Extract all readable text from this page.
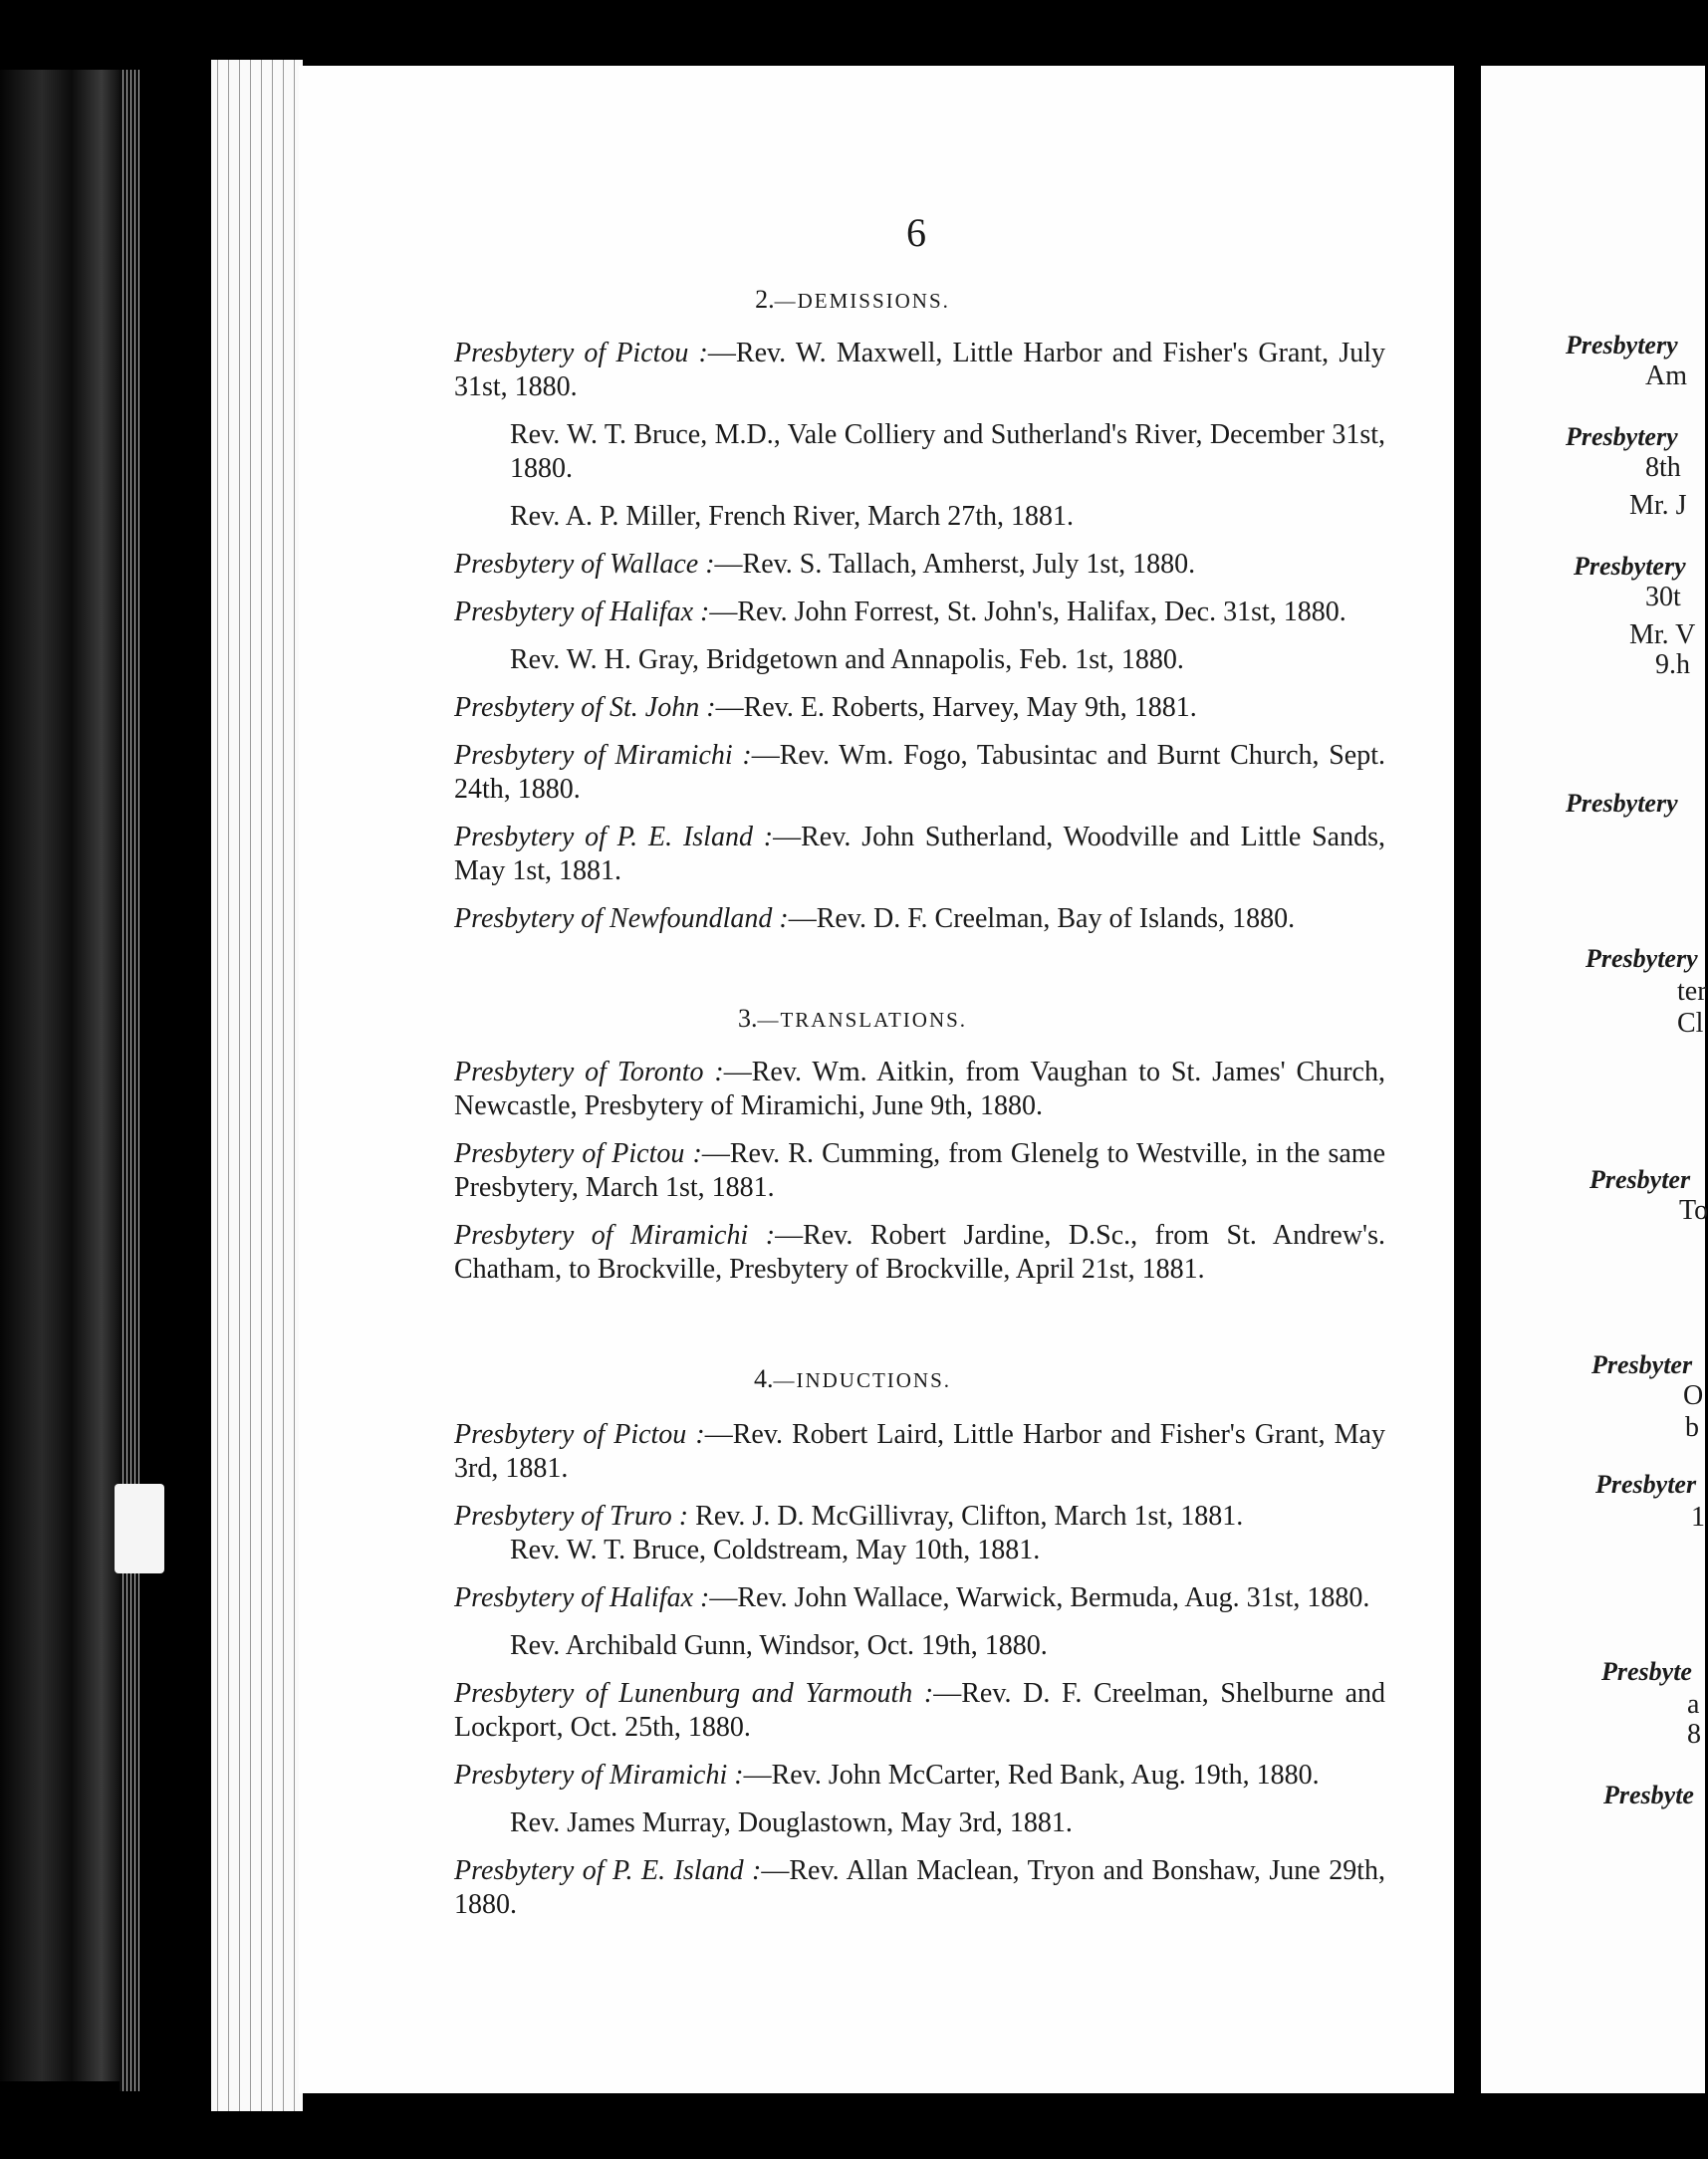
6
2.—DEMISSIONS.

Presbytery of Pictou :—Rev. W. Maxwell, Little Harbor and Fisher's Grant, July 31st, 1880.

Rev. W. T. Bruce, M.D., Vale Colliery and Sutherland's River, December 31st, 1880.

Rev. A. P. Miller, French River, March 27th, 1881.

Presbytery of Wallace :—Rev. S. Tallach, Amherst, July 1st, 1880.

Presbytery of Halifax :—Rev. John Forrest, St. John's, Halifax, Dec. 31st, 1880.

Rev. W. H. Gray, Bridgetown and Annapolis, Feb. 1st, 1880.

Presbytery of St. John :—Rev. E. Roberts, Harvey, May 9th, 1881.

Presbytery of Miramichi :—Rev. Wm. Fogo, Tabusintac and Burnt Church, Sept. 24th, 1880.

Presbytery of P. E. Island :—Rev. John Sutherland, Woodville and Little Sands, May 1st, 1881.

Presbytery of Newfoundland :—Rev. D. F. Creelman, Bay of Islands, 1880.

3.—TRANSLATIONS.

Presbytery of Toronto :—Rev. Wm. Aitkin, from Vaughan to St. James' Church, Newcastle, Presbytery of Miramichi, June 9th, 1880.

Presbytery of Pictou :—Rev. R. Cumming, from Glenelg to Westville, in the same Presbytery, March 1st, 1881.

Presbytery of Miramichi :—Rev. Robert Jardine, D.Sc., from St. Andrew's. Chatham, to Brockville, Presbytery of Brockville, April 21st, 1881.

4.—INDUCTIONS.

Presbytery of Pictou :—Rev. Robert Laird, Little Harbor and Fisher's Grant, May 3rd, 1881.

Presbytery of Truro : Rev. J. D. McGillivray, Clifton, March 1st, 1881.

Rev. W. T. Bruce, Coldstream, May 10th, 1881.

Presbytery of Halifax :—Rev. John Wallace, Warwick, Bermuda, Aug. 31st, 1880.

Rev. Archibald Gunn, Windsor, Oct. 19th, 1880.

Presbytery of Lunenburg and Yarmouth :—Rev. D. F. Creelman, Shelburne and Lockport, Oct. 25th, 1880.

Presbytery of Miramichi :—Rev. John McCarter, Red Bank, Aug. 19th, 1880.

Rev. James Murray, Douglastown, May 3rd, 1881.

Presbytery of P. E. Island :—Rev. Allan Maclean, Tryon and Bonshaw, June 29th, 1880.

Presbytery
Am
Presbytery
8th
Mr. J
Presbytery
30t
Mr. V
9.h
Presbytery
Presbytery
ter
Cl
Presbyter
To
Presbyter
O
b
Presbyter
1
Presbyte
a
8
Presbyte
